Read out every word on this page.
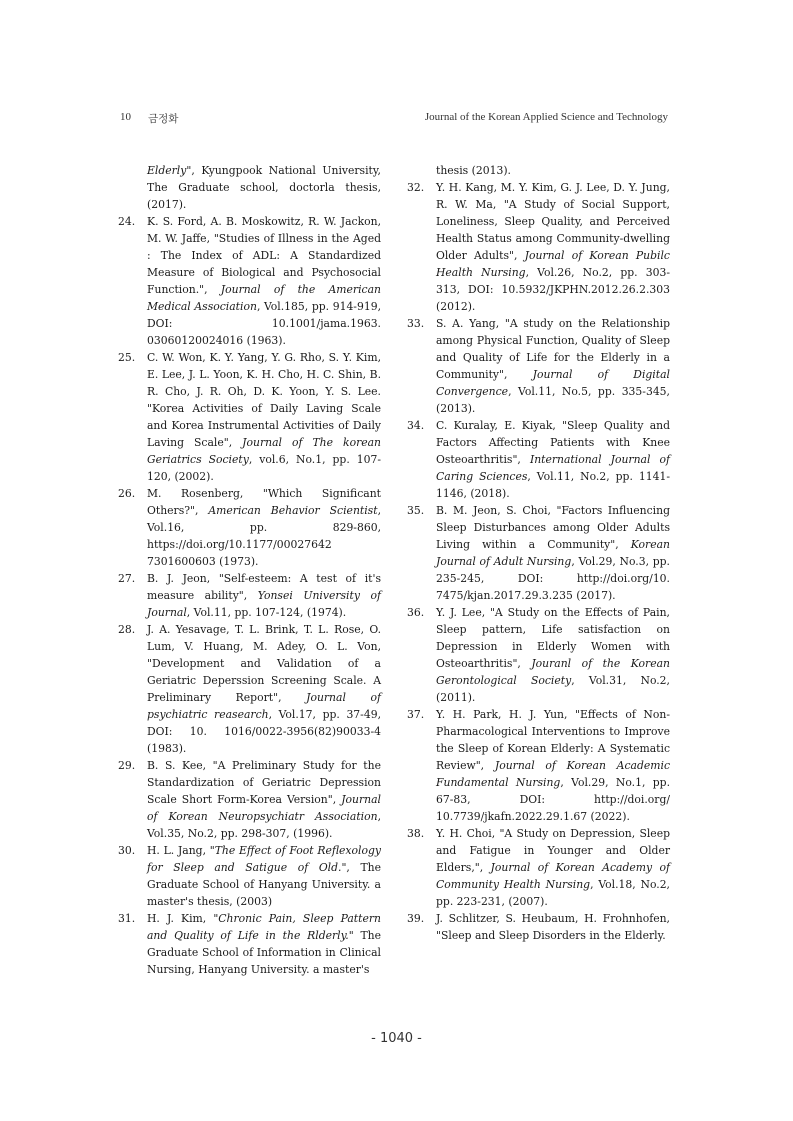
10 금정화	Journal of the Korean Applied Science and Technology

Elderly", Kyungpook National University, The Graduate school, doctorla thesis, (2017).

24. K. S. Ford, A. B. Moskowitz, R. W. Jackon, M. W. Jaffe, "Studies of Illness in the Aged : The Index of ADL: A Standardized Measure of Biological and Psychosocial Function.", Journal of the American Medical Association, Vol.185, pp. 914-919, DOI: 10.1001/jama.1963. 03060120024016 (1963).

25. C. W. Won, K. Y. Yang, Y. G. Rho, S. Y. Kim, E. Lee, J. L. Yoon, K. H. Cho, H. C. Shin, B. R. Cho, J. R. Oh, D. K. Yoon, Y. S. Lee. "Korea Activities of Daily Laving Scale and Korea Instrumental Activities of Daily Laving Scale", Journal of The korean Geriatrics Society, vol.6, No.1, pp. 107-120, (2002).

26. M. Rosenberg, "Which Significant Others?", American Behavior Scientist, Vol.16, pp. 829-860, https://doi.org/10.1177/00027642 7301600603 (1973).

27. B. J. Jeon, "Self-esteem: A test of it's measure ability", Yonsei University of Journal, Vol.11, pp. 107-124, (1974).

28. J. A. Yesavage, T. L. Brink, T. L. Rose, O. Lum, V. Huang, M. Adey, O. L. Von, "Development and Validation of a Geriatric Deperssion Screening Scale. A Preliminary Report", Journal of psychiatric reasearch, Vol.17, pp. 37-49, DOI: 10. 1016/0022-3956(82)90033-4 (1983).

29. B. S. Kee, "A Preliminary Study for the Standardization of Geriatric Depression Scale Short Form-Korea Version", Journal of Korean Neuropsychiatr Association, Vol.35, No.2, pp. 298-307, (1996).

30. H. L. Jang, "The Effect of Foot Reflexology for Sleep and Satigue of Old.", The Graduate School of Hanyang University. a master's thesis, (2003)

31. H. J. Kim, "Chronic Pain, Sleep Pattern and Quality of Life in the Rlderly." The Graduate School of Information in Clinical Nursing, Hanyang University. a master's

thesis (2013).

32. Y. H. Kang, M. Y. Kim, G. J. Lee, D. Y. Jung, R. W. Ma, "A Study of Social Support, Loneliness, Sleep Quality, and Perceived Health Status among Community-dwelling Older Adults", Journal of Korean Pubilc Health Nursing, Vol.26, No.2, pp. 303-313, DOI: 10.5932/JKPHN.2012.26.2.303 (2012).

33. S. A. Yang, "A study on the Relationship among Physical Function, Quality of Sleep and Quality of Life for the Elderly in a Community", Journal of Digital Convergence, Vol.11, No.5, pp. 335-345, (2013).

34. C. Kuralay, E. Kiyak, "Sleep Quality and Factors Affecting Patients with Knee Osteoarthritis", International Journal of Caring Sciences, Vol.11, No.2, pp. 1141-1146, (2018).

35. B. M. Jeon, S. Choi, "Factors Influencing Sleep Disturbances among Older Adults Living within a Community", Korean Journal of Adult Nursing, Vol.29, No.3, pp. 235-245, DOI: http://doi.org/10. 7475/kjan.2017.29.3.235 (2017).

36. Y. J. Lee, "A Study on the Effects of Pain, Sleep pattern, Life satisfaction on Depression in Elderly Women with Osteoarthritis", Jouranl of the Korean Gerontological Society, Vol.31, No.2, (2011).

37. Y. H. Park, H. J. Yun, "Effects of Non-Pharmacological Interventions to Improve the Sleep of Korean Elderly: A Systematic Review", Journal of Korean Academic Fundamental Nursing, Vol.29, No.1, pp. 67-83, DOI: http://doi.org/ 10.7739/jkafn.2022.29.1.67 (2022).

38. Y. H. Choi, "A Study on Depression, Sleep and Fatigue in Younger and Older Elders,", Journal of Korean Academy of Community Health Nursing, Vol.18, No.2, pp. 223-231, (2007).

39. J. Schlitzer, S. Heubaum, H. Frohnhofen, "Sleep and Sleep Disorders in the Elderly.

- 1040 -
